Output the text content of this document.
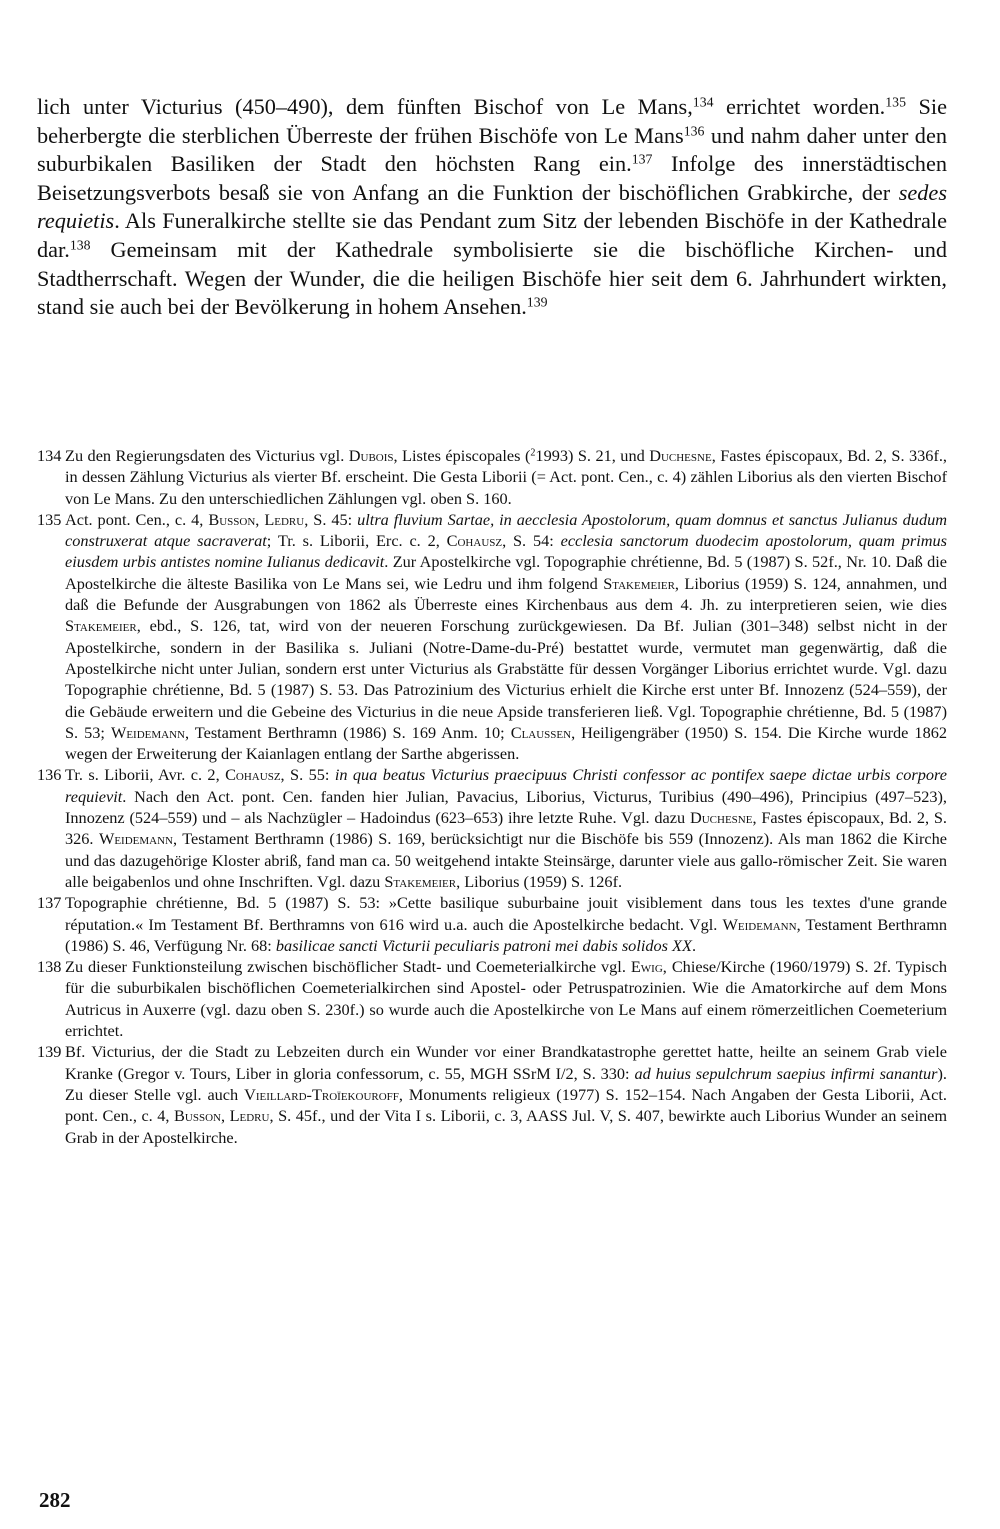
lich unter Victurius (450–490), dem fünften Bischof von Le Mans,$^{134}$ errichtet worden.$^{135}$ Sie beherbergte die sterblichen Überreste der frühen Bischöfe von Le Mans$^{136}$ und nahm daher unter den suburbikalen Basiliken der Stadt den höchsten Rang ein.$^{137}$ Infolge des innerstädtischen Beisetzungsverbots besaß sie von Anfang an die Funktion der bischöflichen Grabkirche, der sedes requietis. Als Funeralkirche stellte sie das Pendant zum Sitz der lebenden Bischöfe in der Kathedrale dar.$^{138}$ Gemeinsam mit der Kathedrale symbolisierte sie die bischöfliche Kirchen- und Stadtherrschaft. Wegen der Wunder, die die heiligen Bischöfe hier seit dem 6. Jahrhundert wirkten, stand sie auch bei der Bevölkerung in hohem Ansehen.$^{139}$

134 Zu den Regierungsdaten des Victurius vgl. Dubois, Listes épiscopales ($^2$1993) S. 21, und Duchesne, Fastes épiscopaux, Bd. 2, S. 336f., in dessen Zählung Victurius als vierter Bf. erscheint. Die Gesta Liborii (= Act. pont. Cen., c. 4) zählen Liborius als den vierten Bischof von Le Mans. Zu den unterschiedlichen Zählungen vgl. oben S. 160.

135 Act. pont. Cen., c. 4, Busson, Ledru, S. 45: ultra fluvium Sartae, in aecclesia Apostolorum, quam domnus et sanctus Julianus dudum construxerat atque sacraverat; Tr. s. Liborii, Erc. c. 2, Cohausz, S. 54: ecclesia sanctorum duodecim apostolorum, quam primus eiusdem urbis antistes nomine Iulianus dedicavit. Zur Apostelkirche vgl. Topographie chrétienne, Bd. 5 (1987) S. 52f., Nr. 10. Daß die Apostelkirche die älteste Basilika von Le Mans sei, wie Ledru und ihm folgend Stakemeier, Liborius (1959) S. 124, annahmen, und daß die Befunde der Ausgrabungen von 1862 als Überreste eines Kirchenbaus aus dem 4. Jh. zu interpretieren seien, wie dies Stakemeier, ebd., S. 126, tat, wird von der neueren Forschung zurückgewiesen. Da Bf. Julian (301–348) selbst nicht in der Apostelkirche, sondern in der Basilika s. Juliani (Notre-Dame-du-Pré) bestattet wurde, vermutet man gegenwärtig, daß die Apostelkirche nicht unter Julian, sondern erst unter Victurius als Grabstätte für dessen Vorgänger Liborius errichtet wurde. Vgl. dazu Topographie chrétienne, Bd. 5 (1987) S. 53. Das Patrozinium des Victurius erhielt die Kirche erst unter Bf. Innozenz (524–559), der die Gebäude erweitern und die Gebeine des Victurius in die neue Apside transferieren ließ. Vgl. Topographie chrétienne, Bd. 5 (1987) S. 53; Weidemann, Testament Berthramn (1986) S. 169 Anm. 10; Claussen, Heiligengräber (1950) S. 154. Die Kirche wurde 1862 wegen der Erweiterung der Kaianlagen entlang der Sarthe abgerissen.

136 Tr. s. Liborii, Avr. c. 2, Cohausz, S. 55: in qua beatus Victurius praecipuus Christi confessor ac pontifex saepe dictae urbis corpore requievit. Nach den Act. pont. Cen. fanden hier Julian, Pavacius, Liborius, Victurus, Turibius (490–496), Principius (497–523), Innozenz (524–559) und – als Nachzügler – Hadoindus (623–653) ihre letzte Ruhe. Vgl. dazu Duchesne, Fastes épiscopaux, Bd. 2, S. 326. Weidemann, Testament Berthramn (1986) S. 169, berücksichtigt nur die Bischöfe bis 559 (Innozenz). Als man 1862 die Kirche und das dazugehörige Kloster abriß, fand man ca. 50 weitgehend intakte Steinsärge, darunter viele aus gallo-römischer Zeit. Sie waren alle beigabenlos und ohne Inschriften. Vgl. dazu Stakemeier, Liborius (1959) S. 126f.

137 Topographie chrétienne, Bd. 5 (1987) S. 53: »Cette basilique suburbaine jouit visiblement dans tous les textes d'une grande réputation.« Im Testament Bf. Berthramns von 616 wird u.a. auch die Apostelkirche bedacht. Vgl. Weidemann, Testament Berthramn (1986) S. 46, Verfügung Nr. 68: basilicae sancti Victurii peculiaris patroni mei dabis solidos XX.

138 Zu dieser Funktionsteilung zwischen bischöflicher Stadt- und Coemeterialkirche vgl. Ewig, Chiese/Kirche (1960/1979) S. 2f. Typisch für die suburbikalen bischöflichen Coemeterialkirchen sind Apostel- oder Petruspatrozinien. Wie die Amatorkirche auf dem Mons Autricus in Auxerre (vgl. dazu oben S. 230f.) so wurde auch die Apostelkirche von Le Mans auf einem römerzeitlichen Coemeterium errichtet.

139 Bf. Victurius, der die Stadt zu Lebzeiten durch ein Wunder vor einer Brandkatastrophe gerettet hatte, heilte an seinem Grab viele Kranke (Gregor v. Tours, Liber in gloria confessorum, c. 55, MGH SSrM I/2, S. 330: ad huius sepulchrum saepius infirmi sanantur). Zu dieser Stelle vgl. auch Vieillard-Troïekouroff, Monuments religieux (1977) S. 152–154. Nach Angaben der Gesta Liborii, Act. pont. Cen., c. 4, Busson, Ledru, S. 45f., und der Vita I s. Liborii, c. 3, AASS Jul. V, S. 407, bewirkte auch Liborius Wunder an seinem Grab in der Apostelkirche.

282
